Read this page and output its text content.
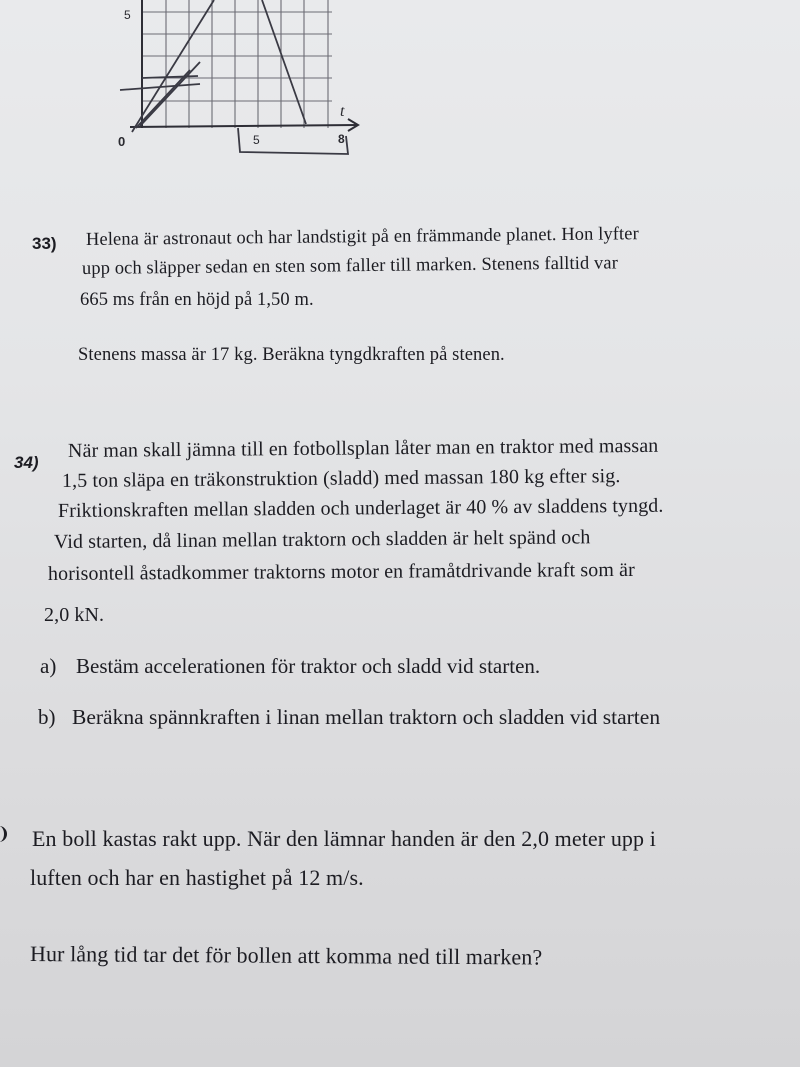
5
0	5	8
t
33) Helena är astronaut och har landstigit på en främmande planet. Hon lyfter
upp och släpper sedan en sten som faller till marken. Stenens falltid var
665 ms från en höjd på 1,50 m.
Stenens massa är 17 kg. Beräkna tyngdkraften på stenen.
34)
När man skall jämna till en fotbollsplan låter man en traktor med massan
1,5 ton släpa en träkonstruktion (sladd) med massan 180 kg efter sig.
Friktionskraften mellan sladden och underlaget är 40 % av sladdens tyngd.
Vid starten, då linan mellan traktorn och sladden är helt spänd och
horisontell åstadkommer traktorns motor en framåtdrivande kraft som är
2,0 kN.
a) Bestäm accelerationen för traktor och sladd vid starten.
b) Beräkna spännkraften i linan mellan traktorn och sladden vid starten
En boll kastas rakt upp. När den lämnar handen är den 2,0 meter upp i
luften och har en hastighet på 12 m/s.
Hur lång tid tar det för bollen att komma ned till marken?
